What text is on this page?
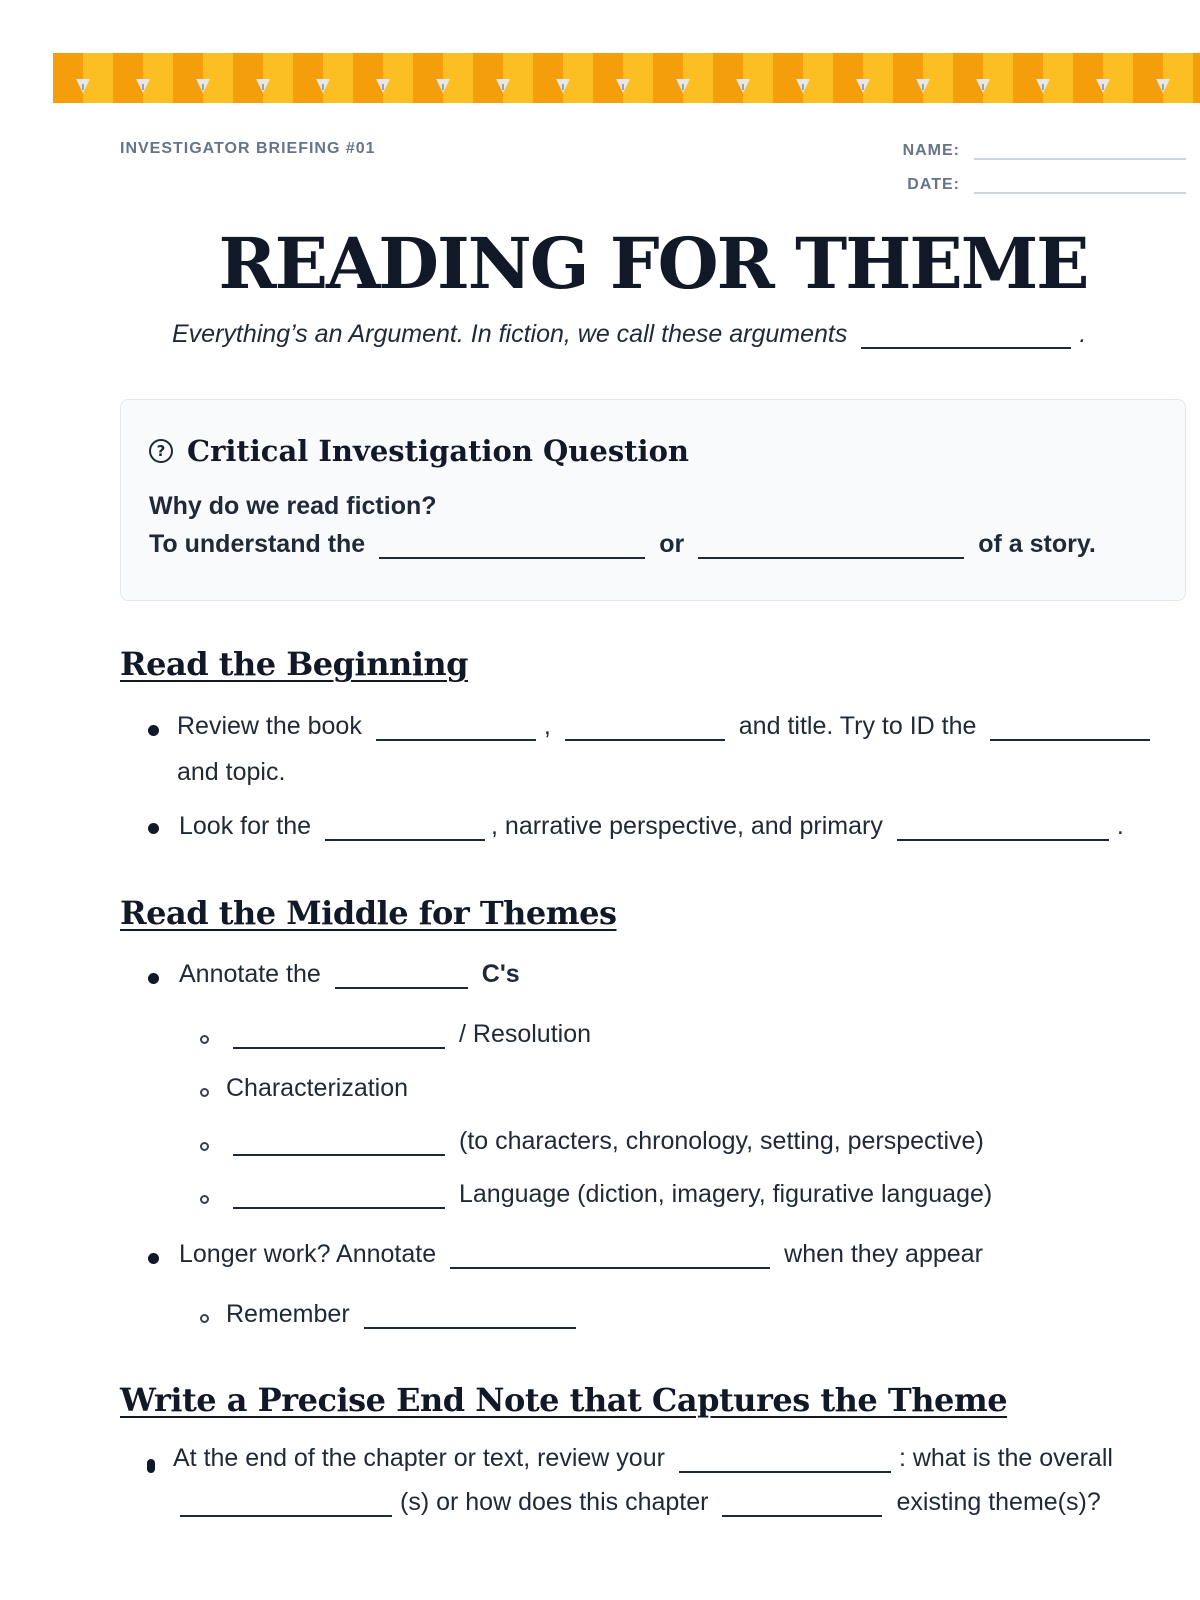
INVESTIGATOR BRIEFING #01	NAME:
DATE:
READING FOR THEME
Everything’s an Argument. In fiction, we call these arguments	.
? Critical Investigation Question
Why do we read fiction?
To understand the	or	of a story.
Read the Beginning
Review the book	,	and title. Try to ID the
and topic.
Look for the	, narrative perspective, and primary	.
Read the Middle for Themes
Annotate the	C's
/ Resolution
Characterization
(to characters, chronology, setting, perspective)
Language (diction, imagery, figurative language)
Longer work? Annotate	when they appear
Remember
Write a Precise End Note that Captures the Theme
At the end of the chapter or text, review your	: what is the overall
(s) or how does this chapter	existing theme(s)?
